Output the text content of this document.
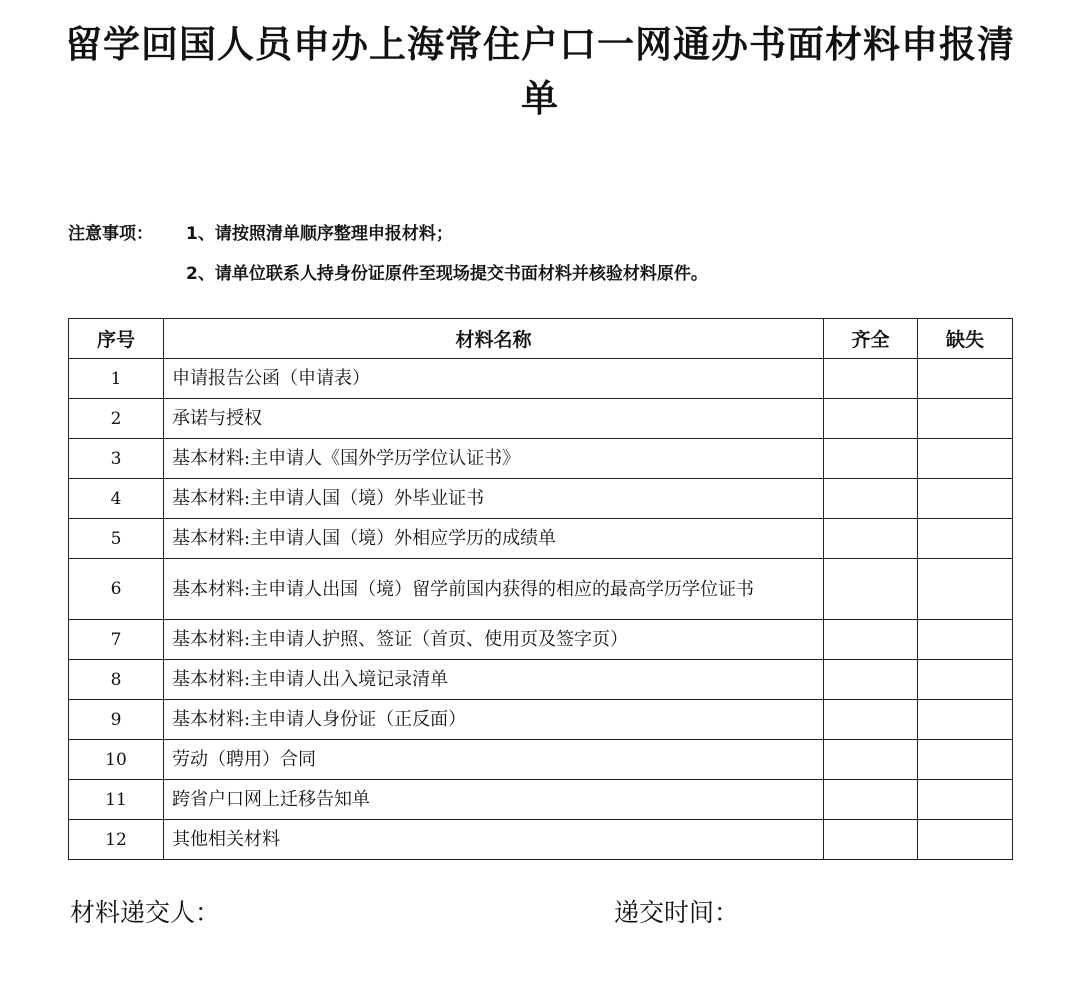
留学回国人员申办上海常住户口一网通办书面材料申报清单
注意事项：	1、请按照清单顺序整理申报材料；
2、请单位联系人持身份证原件至现场提交书面材料并核验材料原件。
序号	材料名称	齐全	缺失
1	申请报告公函（申请表）		
2	承诺与授权		
3	基本材料:主申请人《国外学历学位认证书》		
4	基本材料:主申请人国（境）外毕业证书		
5	基本材料:主申请人国（境）外相应学历的成绩单		
6	基本材料:主申请人出国（境）留学前国内获得的相应的最高学历学位证书		
7	基本材料:主申请人护照、签证（首页、使用页及签字页）		
8	基本材料:主申请人出入境记录清单		
9	基本材料:主申请人身份证（正反面）		
10	劳动（聘用）合同		
11	跨省户口网上迁移告知单		
12	其他相关材料		
材料递交人：	递交时间：
